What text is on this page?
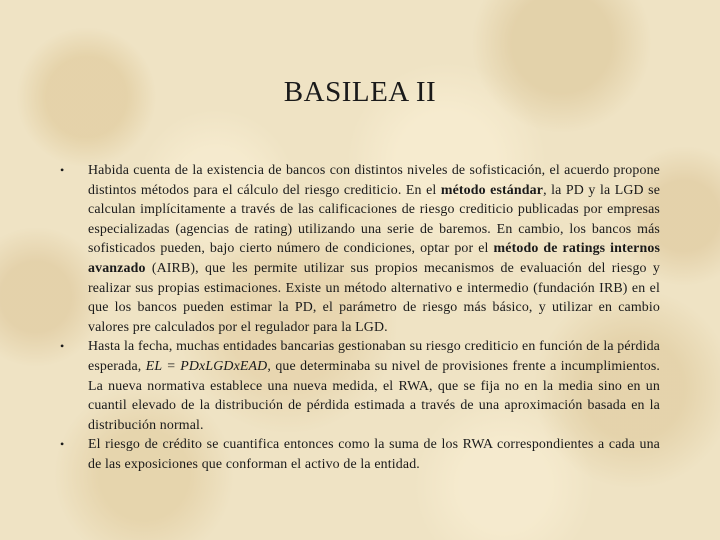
BASILEA II
• Habida cuenta de la existencia de bancos con distintos niveles de sofisticación, el acuerdo propone distintos métodos para el cálculo del riesgo crediticio. En el método estándar, la PD y la LGD se calculan implícitamente a través de las calificaciones de riesgo crediticio publicadas por empresas especializadas (agencias de rating) utilizando una serie de baremos. En cambio, los bancos más sofisticados pueden, bajo cierto número de condiciones, optar por el método de ratings internos avanzado (AIRB), que les permite utilizar sus propios mecanismos de evaluación del riesgo y realizar sus propias estimaciones. Existe un método alternativo e intermedio (fundación IRB) en el que los bancos pueden estimar la PD, el parámetro de riesgo más básico, y utilizar en cambio valores pre calculados por el regulador para la LGD.
• Hasta la fecha, muchas entidades bancarias gestionaban su riesgo crediticio en función de la pérdida esperada, EL = PDxLGDxEAD, que determinaba su nivel de provisiones frente a incumplimientos. La nueva normativa establece una nueva medida, el RWA, que se fija no en la media sino en un cuantil elevado de la distribución de pérdida estimada a través de una aproximación basada en la distribución normal.
• El riesgo de crédito se cuantifica entonces como la suma de los RWA correspondientes a cada una de las exposiciones que conforman el activo de la entidad.
